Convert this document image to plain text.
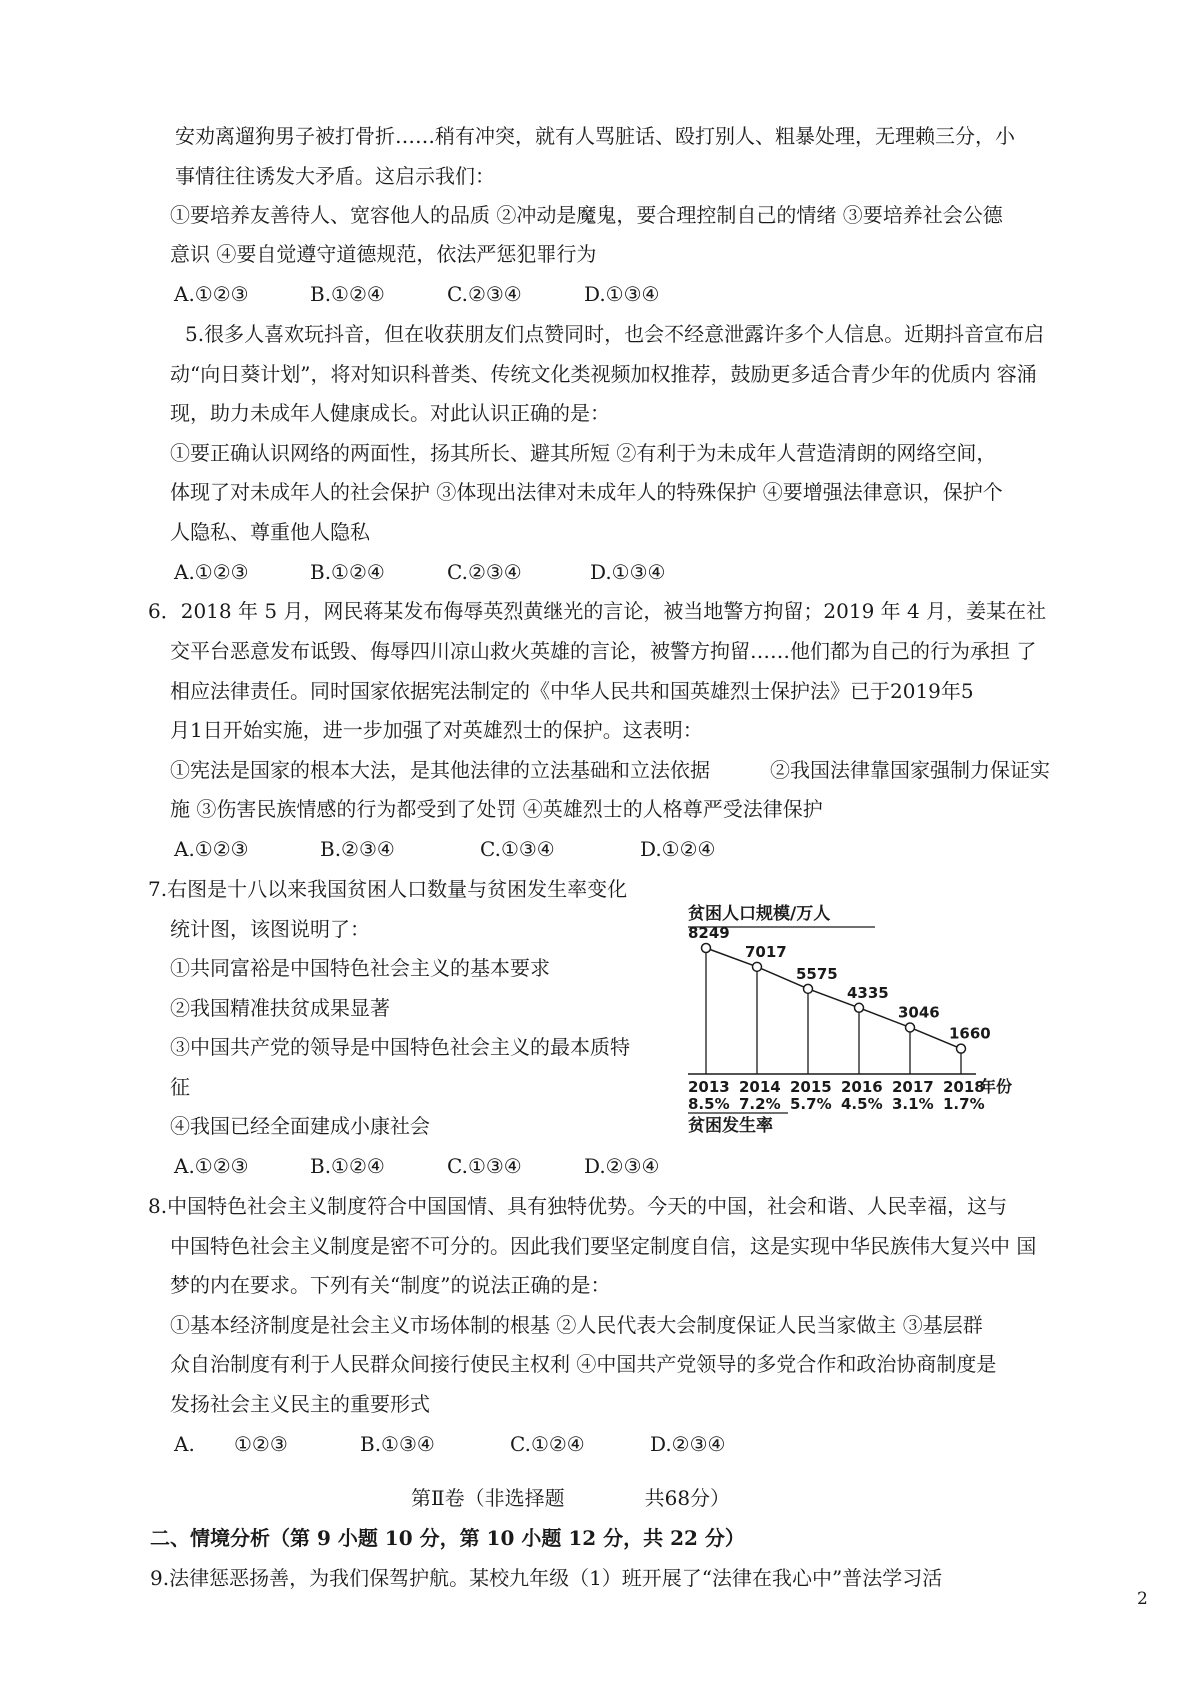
安劝离遛狗男子被打骨折……稍有冲突，就有人骂脏话、殴打别人、粗暴处理，无理赖三分，小
事情往往诱发大矛盾。这启示我们：
①要培养友善待人、宽容他人的品质 ②冲动是魔鬼，要合理控制自己的情绪 ③要培养社会公德
意识 ④要自觉遵守道德规范，依法严惩犯罪行为
A.①②③	B.①②④	C.②③④	D.①③④
5.很多人喜欢玩抖音，但在收获朋友们点赞同时，也会不经意泄露许多个人信息。近期抖音宣布启
动“向日葵计划”，将对知识科普类、传统文化类视频加权推荐，鼓励更多适合青少年的优质内 容涌
现，助力未成年人健康成长。对此认识正确的是：
①要正确认识网络的两面性，扬其所长、避其所短 ②有利于为未成年人营造清朗的网络空间，
体现了对未成年人的社会保护 ③体现出法律对未成年人的特殊保护 ④要增强法律意识，保护个
人隐私、尊重他人隐私
A.①②③	B.①②④	C.②③④	D.①③④
6．2018 年 5 月，网民蒋某发布侮辱英烈黄继光的言论，被当地警方拘留；2019 年 4 月，姜某在社
交平台恶意发布诋毁、侮辱四川凉山救火英雄的言论，被警方拘留……他们都为自己的行为承担 了
相应法律责任。同时国家依据宪法制定的《中华人民共和国英雄烈士保护法》已于2019年5
月1日开始实施，进一步加强了对英雄烈士的保护。这表明：
①宪法是国家的根本大法，是其他法律的立法基础和立法依据　　　②我国法律靠国家强制力保证实
施 ③伤害民族情感的行为都受到了处罚 ④英雄烈士的人格尊严受法律保护
A.①②③	B.②③④	C.①③④	D.①②④
7.右图是十八以来我国贫困人口数量与贫困发生率变化
统计图，该图说明了：
①共同富裕是中国特色社会主义的基本要求
②我国精准扶贫成果显著
③中国共产党的领导是中国特色社会主义的最本质特
征
④我国已经全面建成小康社会
A.①②③	B.①②④	C.①③④	D.②③④
贫困人口规模/万人
8249
7017
5575
4335
3046
1660
2013 2014 2015 2016 2017 2018
年份
8.5% 7.2% 5.7% 4.5% 3.1% 1.7%
贫困发生率
8.中国特色社会主义制度符合中国国情、具有独特优势。今天的中国，社会和谐、人民幸福，这与
中国特色社会主义制度是密不可分的。因此我们要坚定制度自信，这是实现中华民族伟大复兴中 国
梦的内在要求。下列有关“制度”的说法正确的是：
①基本经济制度是社会主义市场体制的根基 ②人民代表大会制度保证人民当家做主 ③基层群
众自治制度有利于人民群众间接行使民主权利 ④中国共产党领导的多党合作和政治协商制度是
发扬社会主义民主的重要形式
A. ①②③	B.①③④	C.①②④	D.②③④
第Ⅱ卷（非选择题　　　　共68分）
二、情境分析（第 9 小题 10 分，第 10 小题 12 分，共 22 分）
9.法律惩恶扬善，为我们保驾护航。某校九年级（1）班开展了“法律在我心中”普法学习活
2
